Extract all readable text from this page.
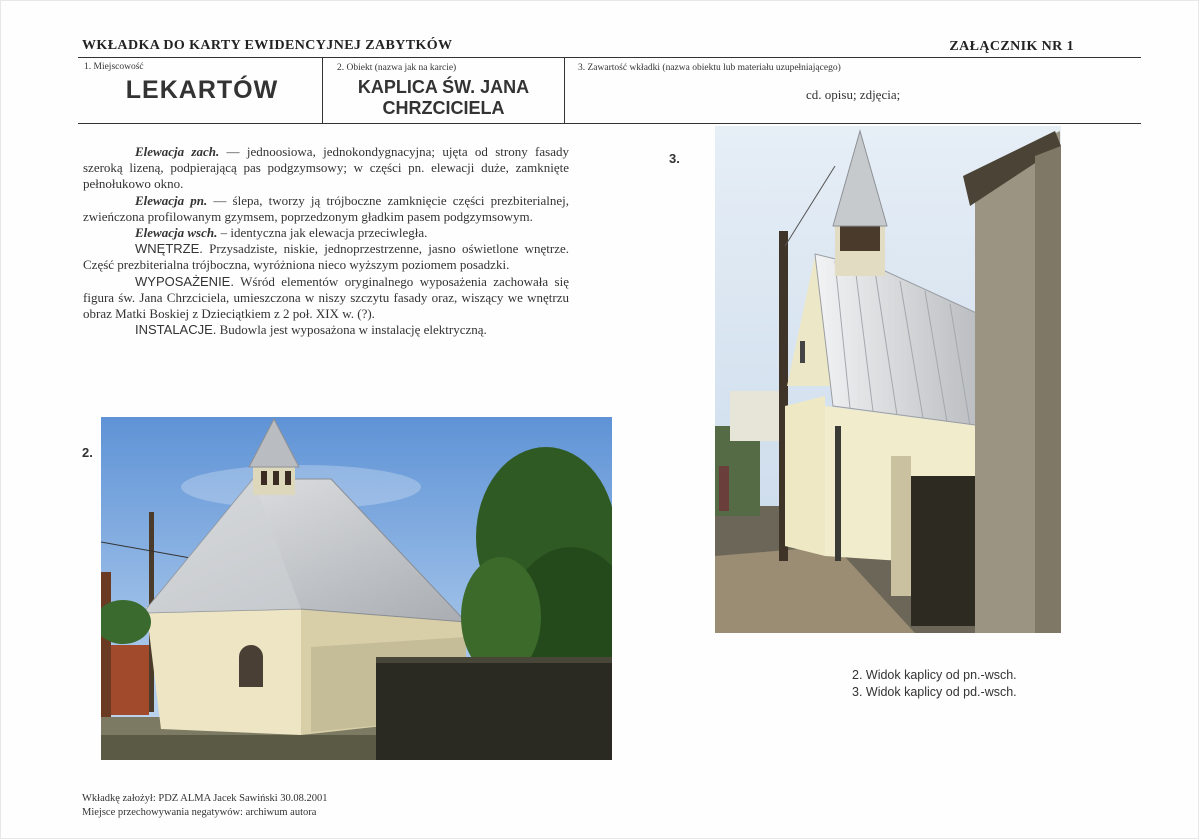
WKŁADKA DO KARTY EWIDENCYJNEJ ZABYTKÓW	ZAŁĄCZNIK NR 1
1. Miejscowość
LEKARTÓW
2. Obiekt (nazwa jak na karcie)
KAPLICA ŚW. JANA
CHRZCICIELA
3. Zawartość wkładki (nazwa obiektu lub materiału uzupełniającego)
cd. opisu; zdjęcia;

Elewacja zach. — jednoosiowa, jednokondygnacyjna; ujęta od strony fasady szeroką lizeną, podpierającą pas podgzymsowy; w części pn. elewacji duże, zamknięte pełnołukowo okno.

Elewacja pn. — ślepa, tworzy ją trójboczne zamknięcie części prezbiterialnej, zwieńczona profilowanym gzymsem, poprzedzonym gładkim pasem podgzymsowym.

Elewacja wsch. – identyczna jak elewacja przeciwległa.

WNĘTRZE. Przysadziste, niskie, jednoprzestrzenne, jasno oświetlone wnętrze. Część prezbiterialna trójboczna, wyróżniona nieco wyższym poziomem posadzki.

WYPOSAŻENIE. Wśród elementów oryginalnego wyposażenia zachowała się figura św. Jana Chrzciciela, umieszczona w niszy szczytu fasady oraz, wiszący we wnętrzu obraz Matki Boskiej z Dzieciątkiem z 2 poł. XIX w. (?).

INSTALACJE. Budowla jest wyposażona w instalację elektryczną.

2.
3.
2. Widok kaplicy od pn.-wsch.
3. Widok kaplicy od pd.-wsch.
Wkładkę założył: PDZ ALMA Jacek Sawiński 30.08.2001
Miejsce przechowywania negatywów: archiwum autora
